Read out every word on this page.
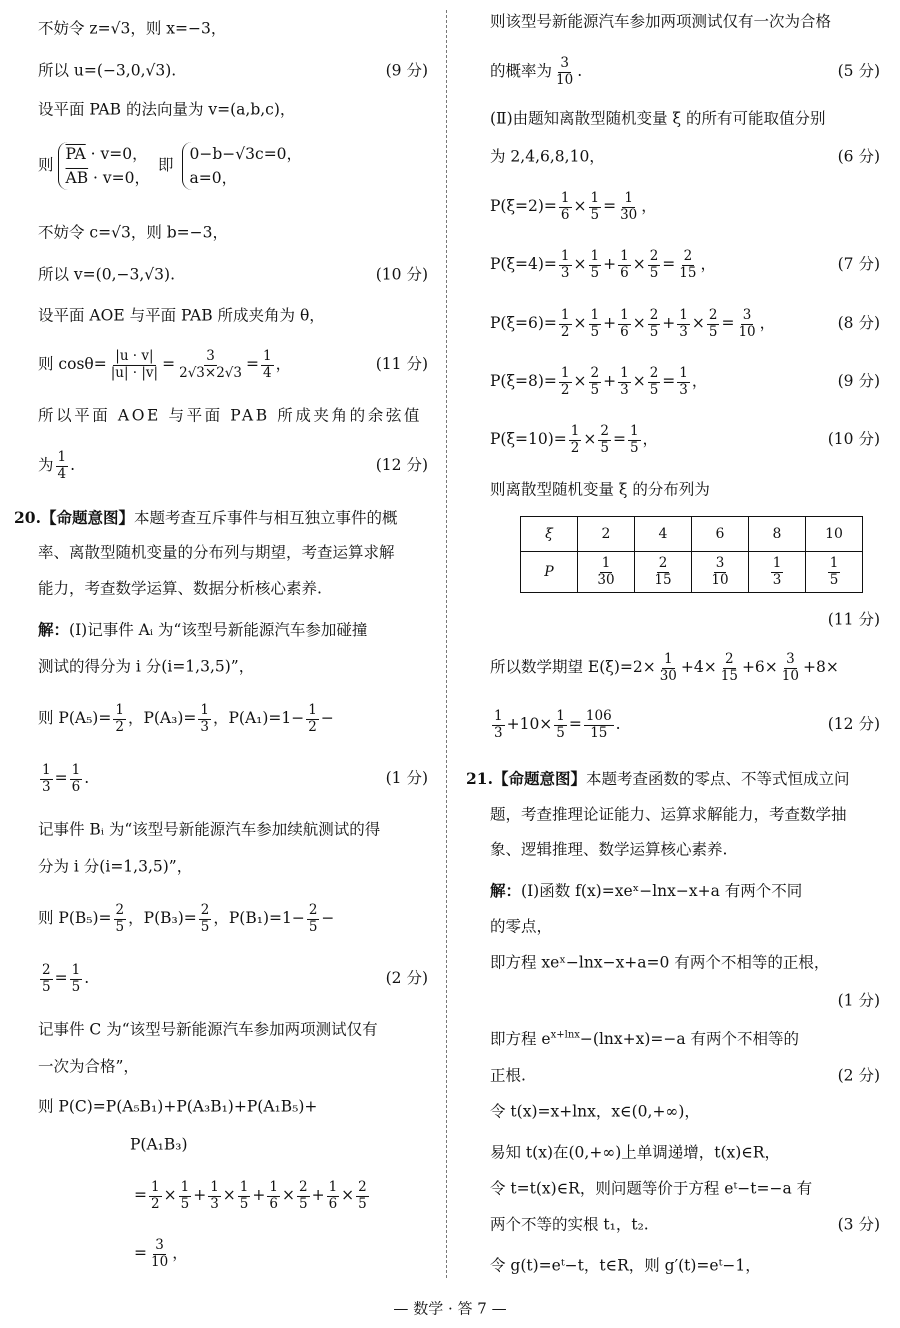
不妨令 z=√3，则 x=−3，
所以 u=(−3,0,√3).	(9 分)
设平面 PAB 的法向量为 v=(a,b,c)，
则
$\overline{PA} \cdot v=0$，
$\overline{AB} \cdot v=0$，
即
0−b−√3c=0，
a=0，
不妨令 c=√3，则 b=−3，
所以 v=(0,−3,√3).	(10 分)
设平面 AOE 与平面 PAB 所成夹角为 θ，
则 $\cos\theta= \frac{|u \cdot v|}{|u| \cdot |v|} = \frac{3}{2√3\times 2√3} = \frac{1}{4}$ ，	(11 分)
所以平面 AOE 与平面 PAB 所成夹角的余弦值
为 $\frac{1}{4}$ .	(12 分)
20.【命题意图】本题考查互斥事件与相互独立事件的概
率、离散型随机变量的分布列与期望，考查运算求解
能力，考查数学运算、数据分析核心素养.
解：(Ⅰ)记事件 Aᵢ 为“该型号新能源汽车参加碰撞
测试的得分为 i 分(i=1,3,5)”，
则 $P(A_5)= \frac{1}{2}$ ，$P(A_3)= \frac{1}{3}$ ，$P(A_1)=1- \frac{1}{2}$ −
$\frac{1}{3} = \frac{1}{6}$ .	(1 分)
记事件 Bᵢ 为“该型号新能源汽车参加续航测试的得
分为 i 分(i=1,3,5)”，
则 $P(B_5)= \frac{2}{5}$ ，$P(B_3)= \frac{2}{5}$ ，$P(B_1)=1- \frac{2}{5}$ −
$\frac{2}{5} = \frac{1}{5}$ .	(2 分)
记事件 C 为“该型号新能源汽车参加两项测试仅有
一次为合格”，
则 P(C)=P(A₅B₁)+P(A₃B₁)+P(A₁B₅)+
P(A₁B₃)
= $\frac{1}{2} \times \frac{1}{5} + \frac{1}{3} \times \frac{1}{5} + \frac{1}{6} \times \frac{2}{5} + \frac{1}{6} \times \frac{2}{5}$
= $\frac{3}{10}$ ，
则该型号新能源汽车参加两项测试仅有一次为合格
的概率为 $\frac{3}{10}$ .	(5 分)
(Ⅱ)由题知离散型随机变量 ξ 的所有可能取值分别
为 2,4,6,8,10，	(6 分)
$P(\xi=2)= \frac{1}{6} \times \frac{1}{5} = \frac{1}{30}$ ，
$P(\xi=4)= \frac{1}{3} \times \frac{1}{5} + \frac{1}{6} \times \frac{2}{5} = \frac{2}{15}$ ，	(7 分)
$P(\xi=6)= \frac{1}{2} \times \frac{1}{5} + \frac{1}{6} \times \frac{2}{5} + \frac{1}{3} \times \frac{2}{5} = \frac{3}{10}$ ，	(8 分)
$P(\xi=8)= \frac{1}{2} \times \frac{2}{5} + \frac{1}{3} \times \frac{2}{5} = \frac{1}{3}$ ，	(9 分)
$P(\xi=10)= \frac{1}{2} \times \frac{2}{5} = \frac{1}{5}$ ，	(10 分)
则离散型随机变量 ξ 的分布列为
ξ	2	4	6	8	10
P	$\frac{1}{30}$	$\frac{2}{15}$	$\frac{3}{10}$	$\frac{1}{3}$	$\frac{1}{5}$
(11 分)
所以数学期望 $E(\xi)=2\times \frac{1}{30} +4\times \frac{2}{15} +6\times \frac{3}{10} +8\times$
$\frac{1}{3} +10\times \frac{1}{5} = \frac{106}{15}$ .	(12 分)
21.【命题意图】本题考查函数的零点、不等式恒成立问
题，考查推理论证能力、运算求解能力，考查数学抽
象、逻辑推理、数学运算核心素养.
解：(Ⅰ)函数 f(x)=xeˣ−lnx−x+a 有两个不同
的零点，
即方程 xeˣ−lnx−x+a=0 有两个不相等的正根，
(1 分)
即方程 $e^{x+lnx}-(\ln x+x)=-a$ 有两个不相等的
正根.	(2 分)
令 t(x)=x+lnx，x∈(0,+∞)，
易知 t(x)在(0,+∞)上单调递增，t(x)∈R，
令 t=t(x)∈R，则问题等价于方程 eᵗ−t=−a 有
两个不等的实根 t₁，t₂.	(3 分)
令 g(t)=eᵗ−t，t∈R，则 g′(t)=eᵗ−1，
— 数学 · 答 7 —
